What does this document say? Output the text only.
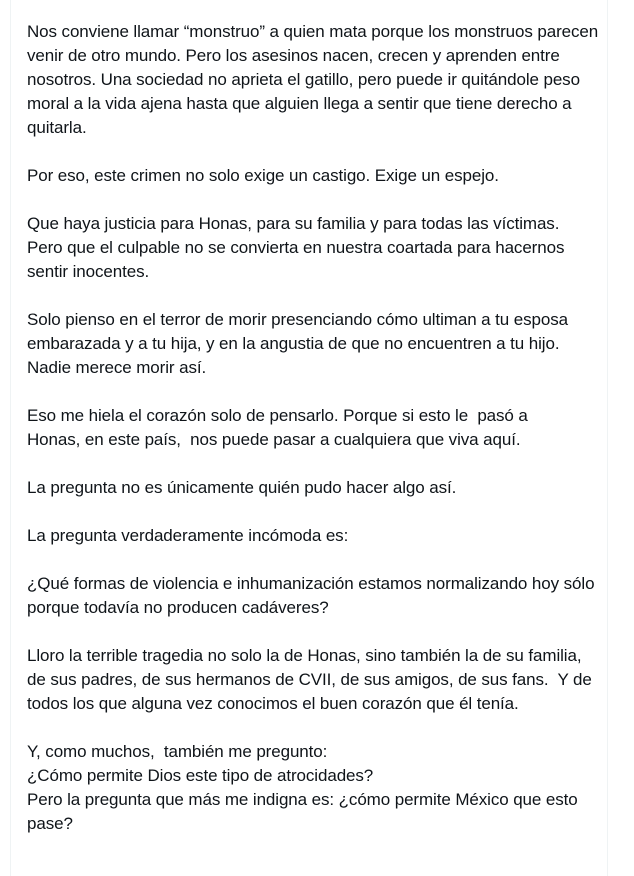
Nos conviene llamar “monstruo” a quien mata porque los monstruos parecen venir de otro mundo. Pero los asesinos nacen, crecen y aprenden entre nosotros. Una sociedad no aprieta el gatillo, pero puede ir quitándole peso moral a la vida ajena hasta que alguien llega a sentir que tiene derecho a quitarla.

Por eso, este crimen no solo exige un castigo. Exige un espejo.

Que haya justicia para Honas, para su familia y para todas las víctimas.
Pero que el culpable no se convierta en nuestra coartada para hacernos sentir inocentes.

Solo pienso en el terror de morir presenciando cómo ultiman a tu esposa embarazada y a tu hija, y en la angustia de que no encuentren a tu hijo.
Nadie merece morir así.

Eso me hiela el corazón solo de pensarlo. Porque si esto le  pasó a
Honas, en este país,  nos puede pasar a cualquiera que viva aquí.

La pregunta no es únicamente quién pudo hacer algo así.

La pregunta verdaderamente incómoda es:

¿Qué formas de violencia e inhumanización estamos normalizando hoy sólo porque todavía no producen cadáveres?

Lloro la terrible tragedia no solo la de Honas, sino también la de su familia, de sus padres, de sus hermanos de CVII, de sus amigos, de sus fans.  Y de todos los que alguna vez conocimos el buen corazón que él tenía.

Y, como muchos,  también me pregunto:
¿Cómo permite Dios este tipo de atrocidades?
Pero la pregunta que más me indigna es: ¿cómo permite México que esto pase?
